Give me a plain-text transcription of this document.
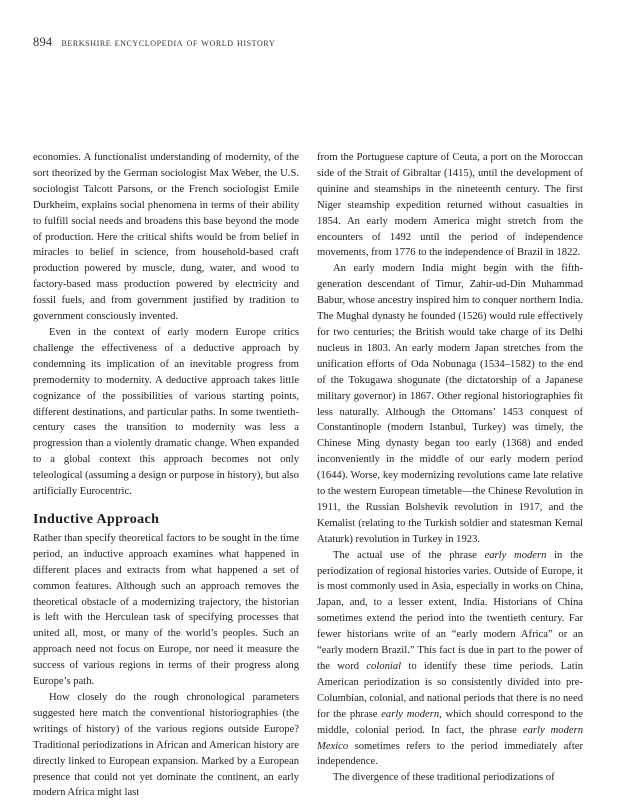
894 berkshire encyclopedia of world history

economies. A functionalist understanding of modernity, of the sort theorized by the German sociologist Max Weber, the U.S. sociologist Talcott Parsons, or the French sociologist Emile Durkheim, explains social phenomena in terms of their ability to fulfill social needs and broadens this base beyond the mode of production. Here the critical shifts would be from belief in miracles to belief in science, from household-based craft production powered by muscle, dung, water, and wood to factory-based mass production powered by electricity and fossil fuels, and from government justified by tradition to government consciously invented.

Even in the context of early modern Europe critics challenge the effectiveness of a deductive approach by condemning its implication of an inevitable progress from premodernity to modernity. A deductive approach takes little cognizance of the possibilities of various starting points, different destinations, and particular paths. In some twentieth-century cases the transition to modernity was less a progression than a violently dramatic change. When expanded to a global context this approach becomes not only teleological (assuming a design or purpose in history), but also artificially Eurocentric.

Inductive Approach

Rather than specify theoretical factors to be sought in the time period, an inductive approach examines what happened in different places and extracts from what happened a set of common features. Although such an approach removes the theoretical obstacle of a modernizing trajectory, the historian is left with the Herculean task of specifying processes that united all, most, or many of the world’s peoples. Such an approach need not focus on Europe, nor need it measure the success of various regions in terms of their progress along Europe’s path.

How closely do the rough chronological parameters suggested here match the conventional historiographies (the writings of history) of the various regions outside Europe? Traditional periodizations in African and American history are directly linked to European expansion. Marked by a European presence that could not yet dominate the continent, an early modern Africa might last

from the Portuguese capture of Ceuta, a port on the Moroccan side of the Strait of Gibraltar (1415), until the development of quinine and steamships in the nineteenth century. The first Niger steamship expedition returned without casualties in 1854. An early modern America might stretch from the encounters of 1492 until the period of independence movements, from 1776 to the independence of Brazil in 1822.

An early modern India might begin with the fifth-generation descendant of Timur, Zahir-ud-Din Muhammad Babur, whose ancestry inspired him to conquer northern India. The Mughal dynasty he founded (1526) would rule effectively for two centuries; the British would take charge of its Delhi nucleus in 1803. An early modern Japan stretches from the unification efforts of Oda Nobunaga (1534–1582) to the end of the Tokugawa shogunate (the dictatorship of a Japanese military governor) in 1867. Other regional historiographies fit less naturally. Although the Ottomans’ 1453 conquest of Constantinople (modern Istanbul, Turkey) was timely, the Chinese Ming dynasty began too early (1368) and ended inconveniently in the middle of our early modern period (1644). Worse, key modernizing revolutions came late relative to the western European timetable—the Chinese Revolution in 1911, the Russian Bolshevik revolution in 1917, and the Kemalist (relating to the Turkish soldier and statesman Kemal Ataturk) revolution in Turkey in 1923.

The actual use of the phrase early modern in the periodization of regional histories varies. Outside of Europe, it is most commonly used in Asia, especially in works on China, Japan, and, to a lesser extent, India. Historians of China sometimes extend the period into the twentieth century. Far fewer historians write of an “early modern Africa” or an “early modern Brazil.” This fact is due in part to the power of the word colonial to identify these time periods. Latin American periodization is so consistently divided into pre-Columbian, colonial, and national periods that there is no need for the phrase early modern, which should correspond to the middle, colonial period. In fact, the phrase early modern Mexico sometimes refers to the period immediately after independence.

The divergence of these traditional periodizations of
